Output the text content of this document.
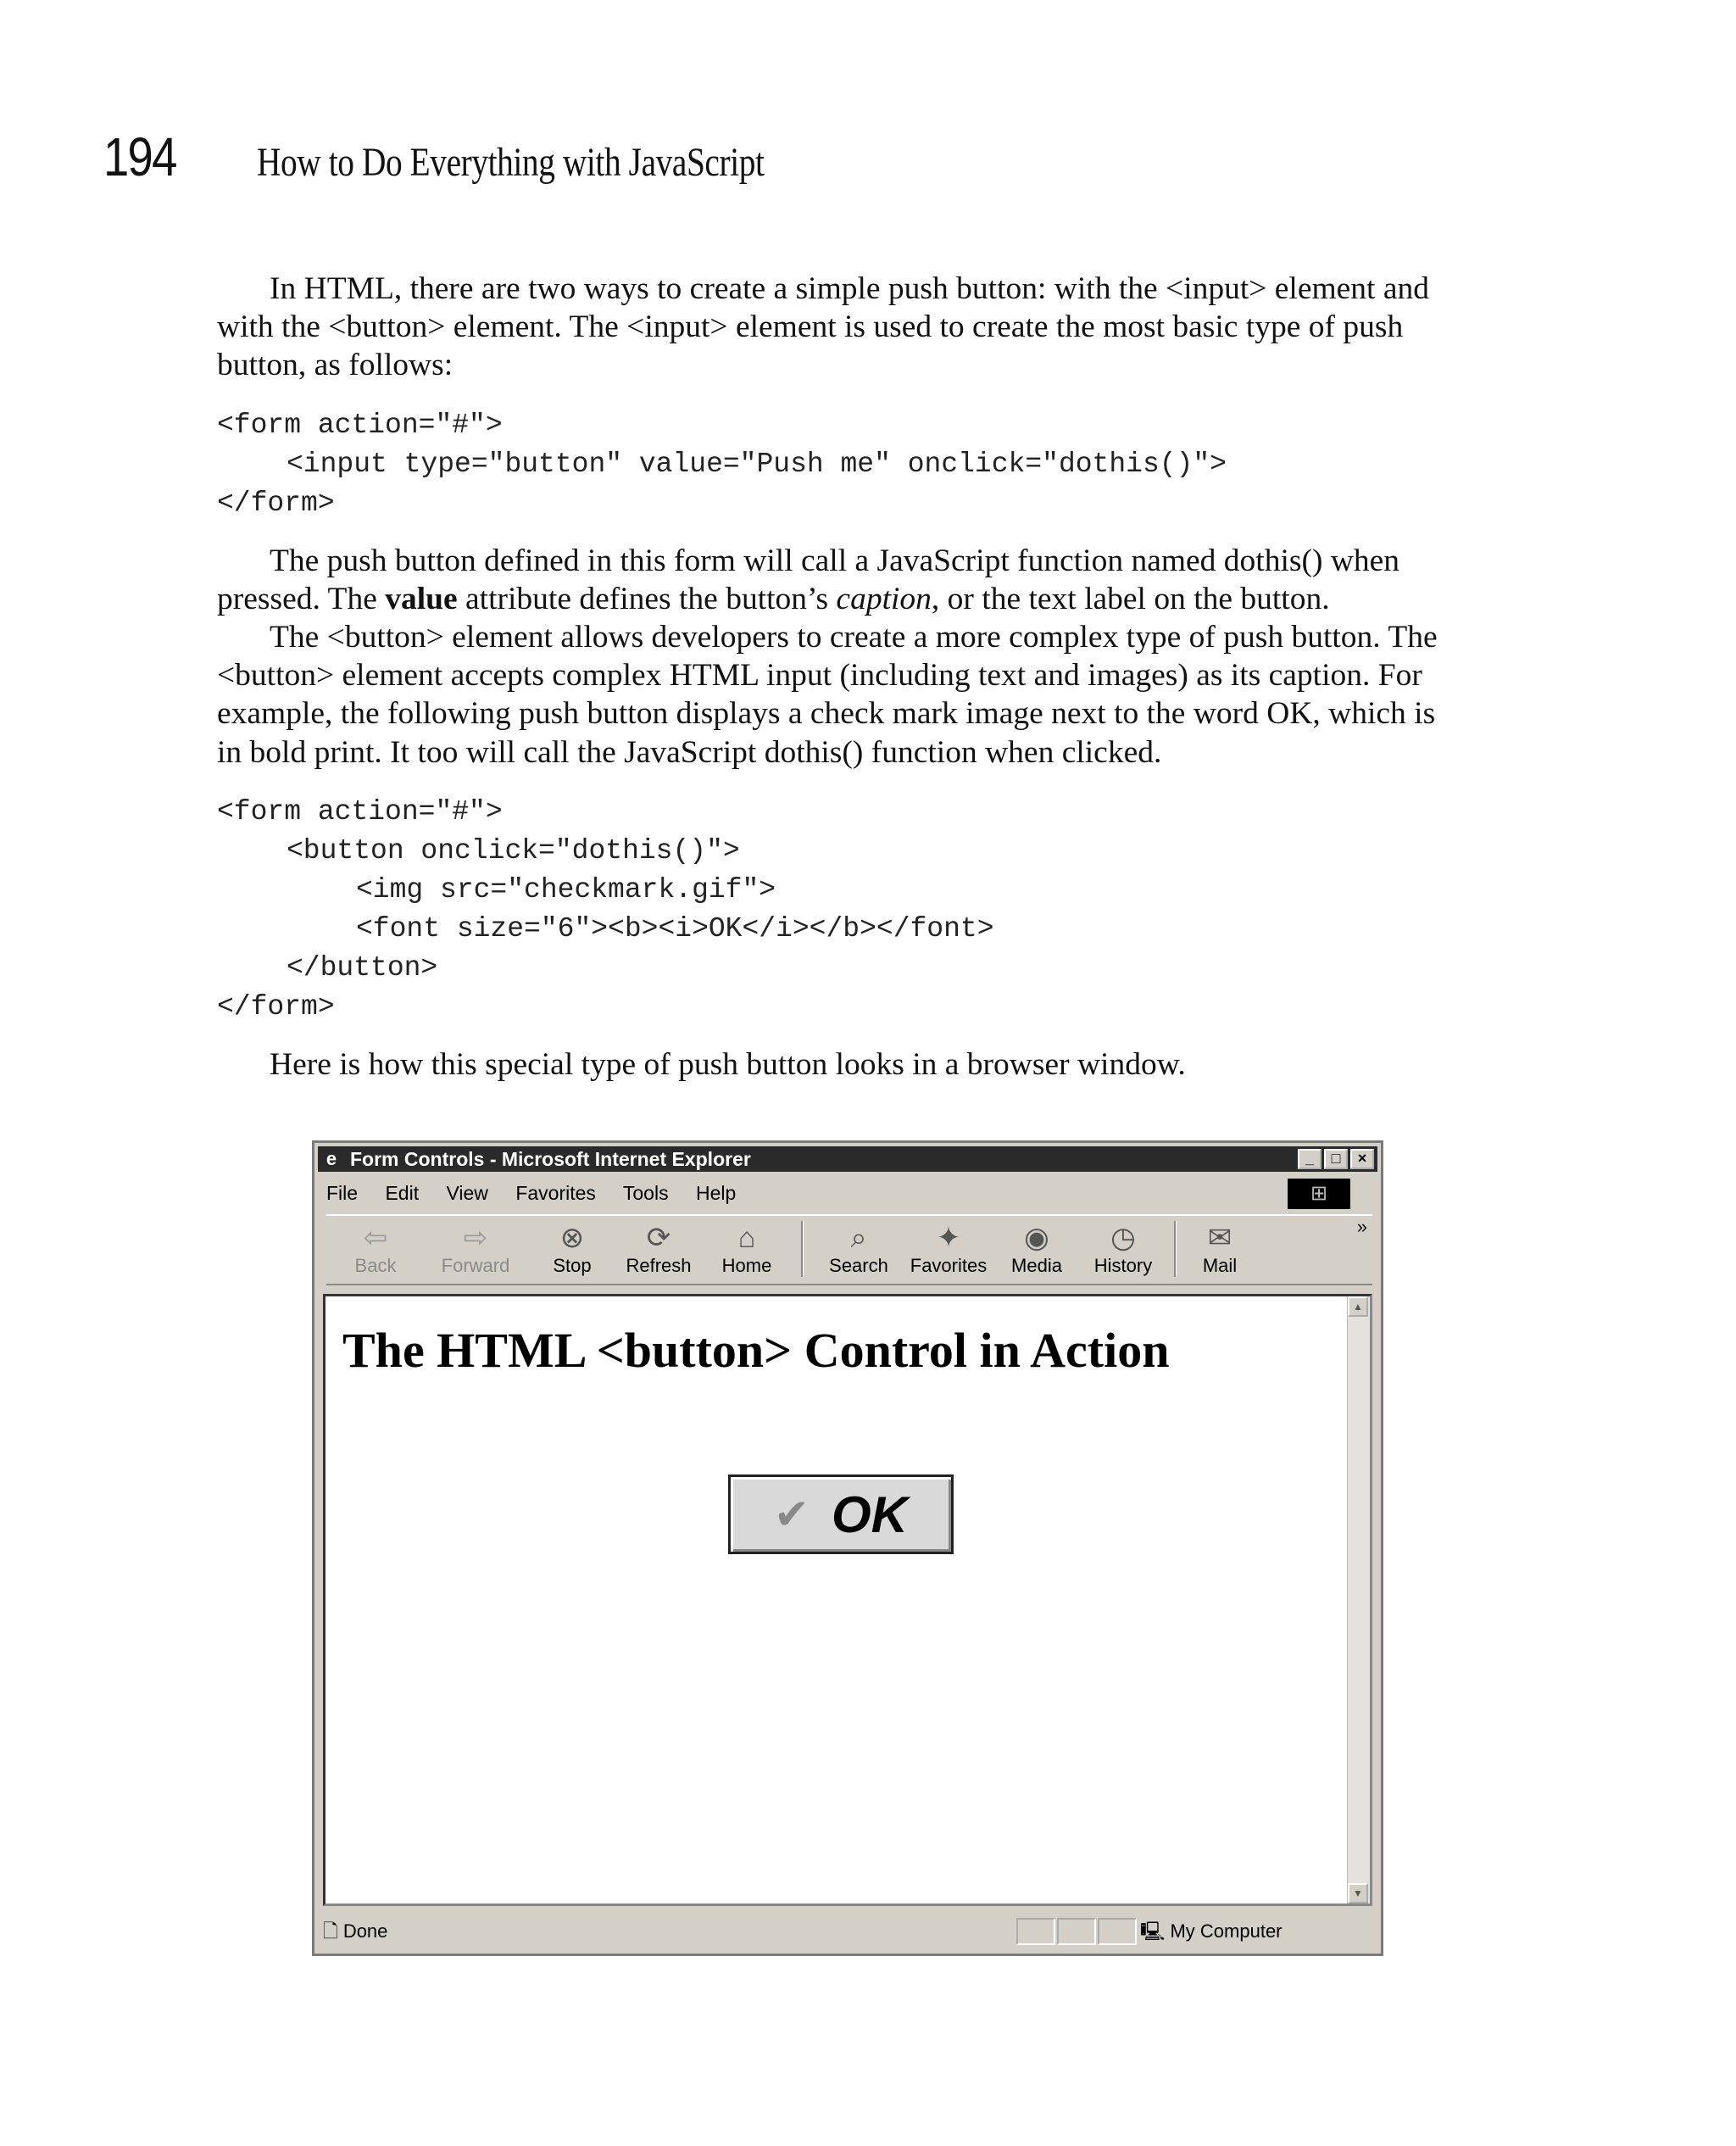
194 How to Do Everything with JavaScript

In HTML, there are two ways to create a simple push button: with the <input> element and with the <button> element. The <input> element is used to create the most basic type of push button, as follows:

<form action="#">
<input type="button" value="Push me" onclick="dothis()">
</form>

The push button defined in this form will call a JavaScript function named dothis() when pressed. The value attribute defines the button’s caption, or the text label on the button.

The <button> element allows developers to create a more complex type of push button. The <button> element accepts complex HTML input (including text and images) as its caption. For example, the following push button displays a check mark image next to the word OK, which is in bold print. It too will call the JavaScript dothis() function when clicked.

<form action="#">
<button onclick="dothis()">
<img src="checkmark.gif">
<font size="6"><b><i>OK</i></b></font>
</button>
</form>

Here is how this special type of push button looks in a browser window.

e Form Controls - Microsoft Internet Explorer	_	□	×
File Edit View Favorites Tools Help	⊞
⇦
Back
⇨
Forward
⊗
Stop
⟳
Refresh
⌂
Home
⌕
Search
✦
Favorites
◉
Media
◷
History
✉
Mail
»
The HTML <button> Control in Action
✔ OK
▲
▼
🗋 Done	🖳 My Computer
